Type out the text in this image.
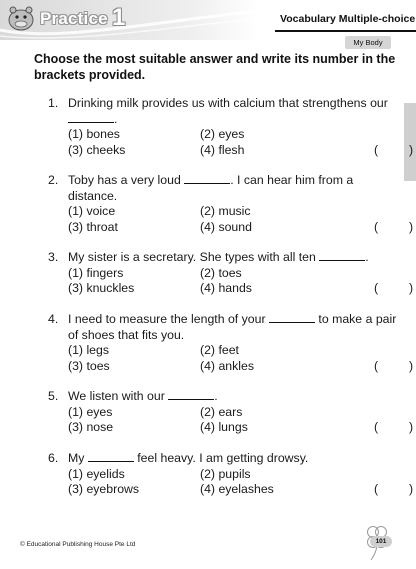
Practice 1	Vocabulary Multiple-choice
My Body
Choose the most suitable answer and write its number in the brackets provided.
1. Drinking milk provides us with calcium that strengthens our .
(1) bones	(2) eyes
(3) cheeks	(4) flesh	(	)
2. Toby has a very loud	. I can hear him from a distance.
(1) voice	(2) music
(3) throat	(4) sound	(	)
3. My sister is a secretary. She types with all ten	.
(1) fingers	(2) toes
(3) knuckles	(4) hands	(	)
4. I need to measure the length of your	to make a pair of shoes that fits you.
(1) legs	(2) feet
(3) toes	(4) ankles	(	)
5. We listen with our	.
(1) eyes	(2) ears
(3) nose	(4) lungs	(	)
6. My	feel heavy. I am getting drowsy.
(1) eyelids	(2) pupils
(3) eyebrows	(4) eyelashes	(	)
© Educational Publishing House Pte Ltd	101
